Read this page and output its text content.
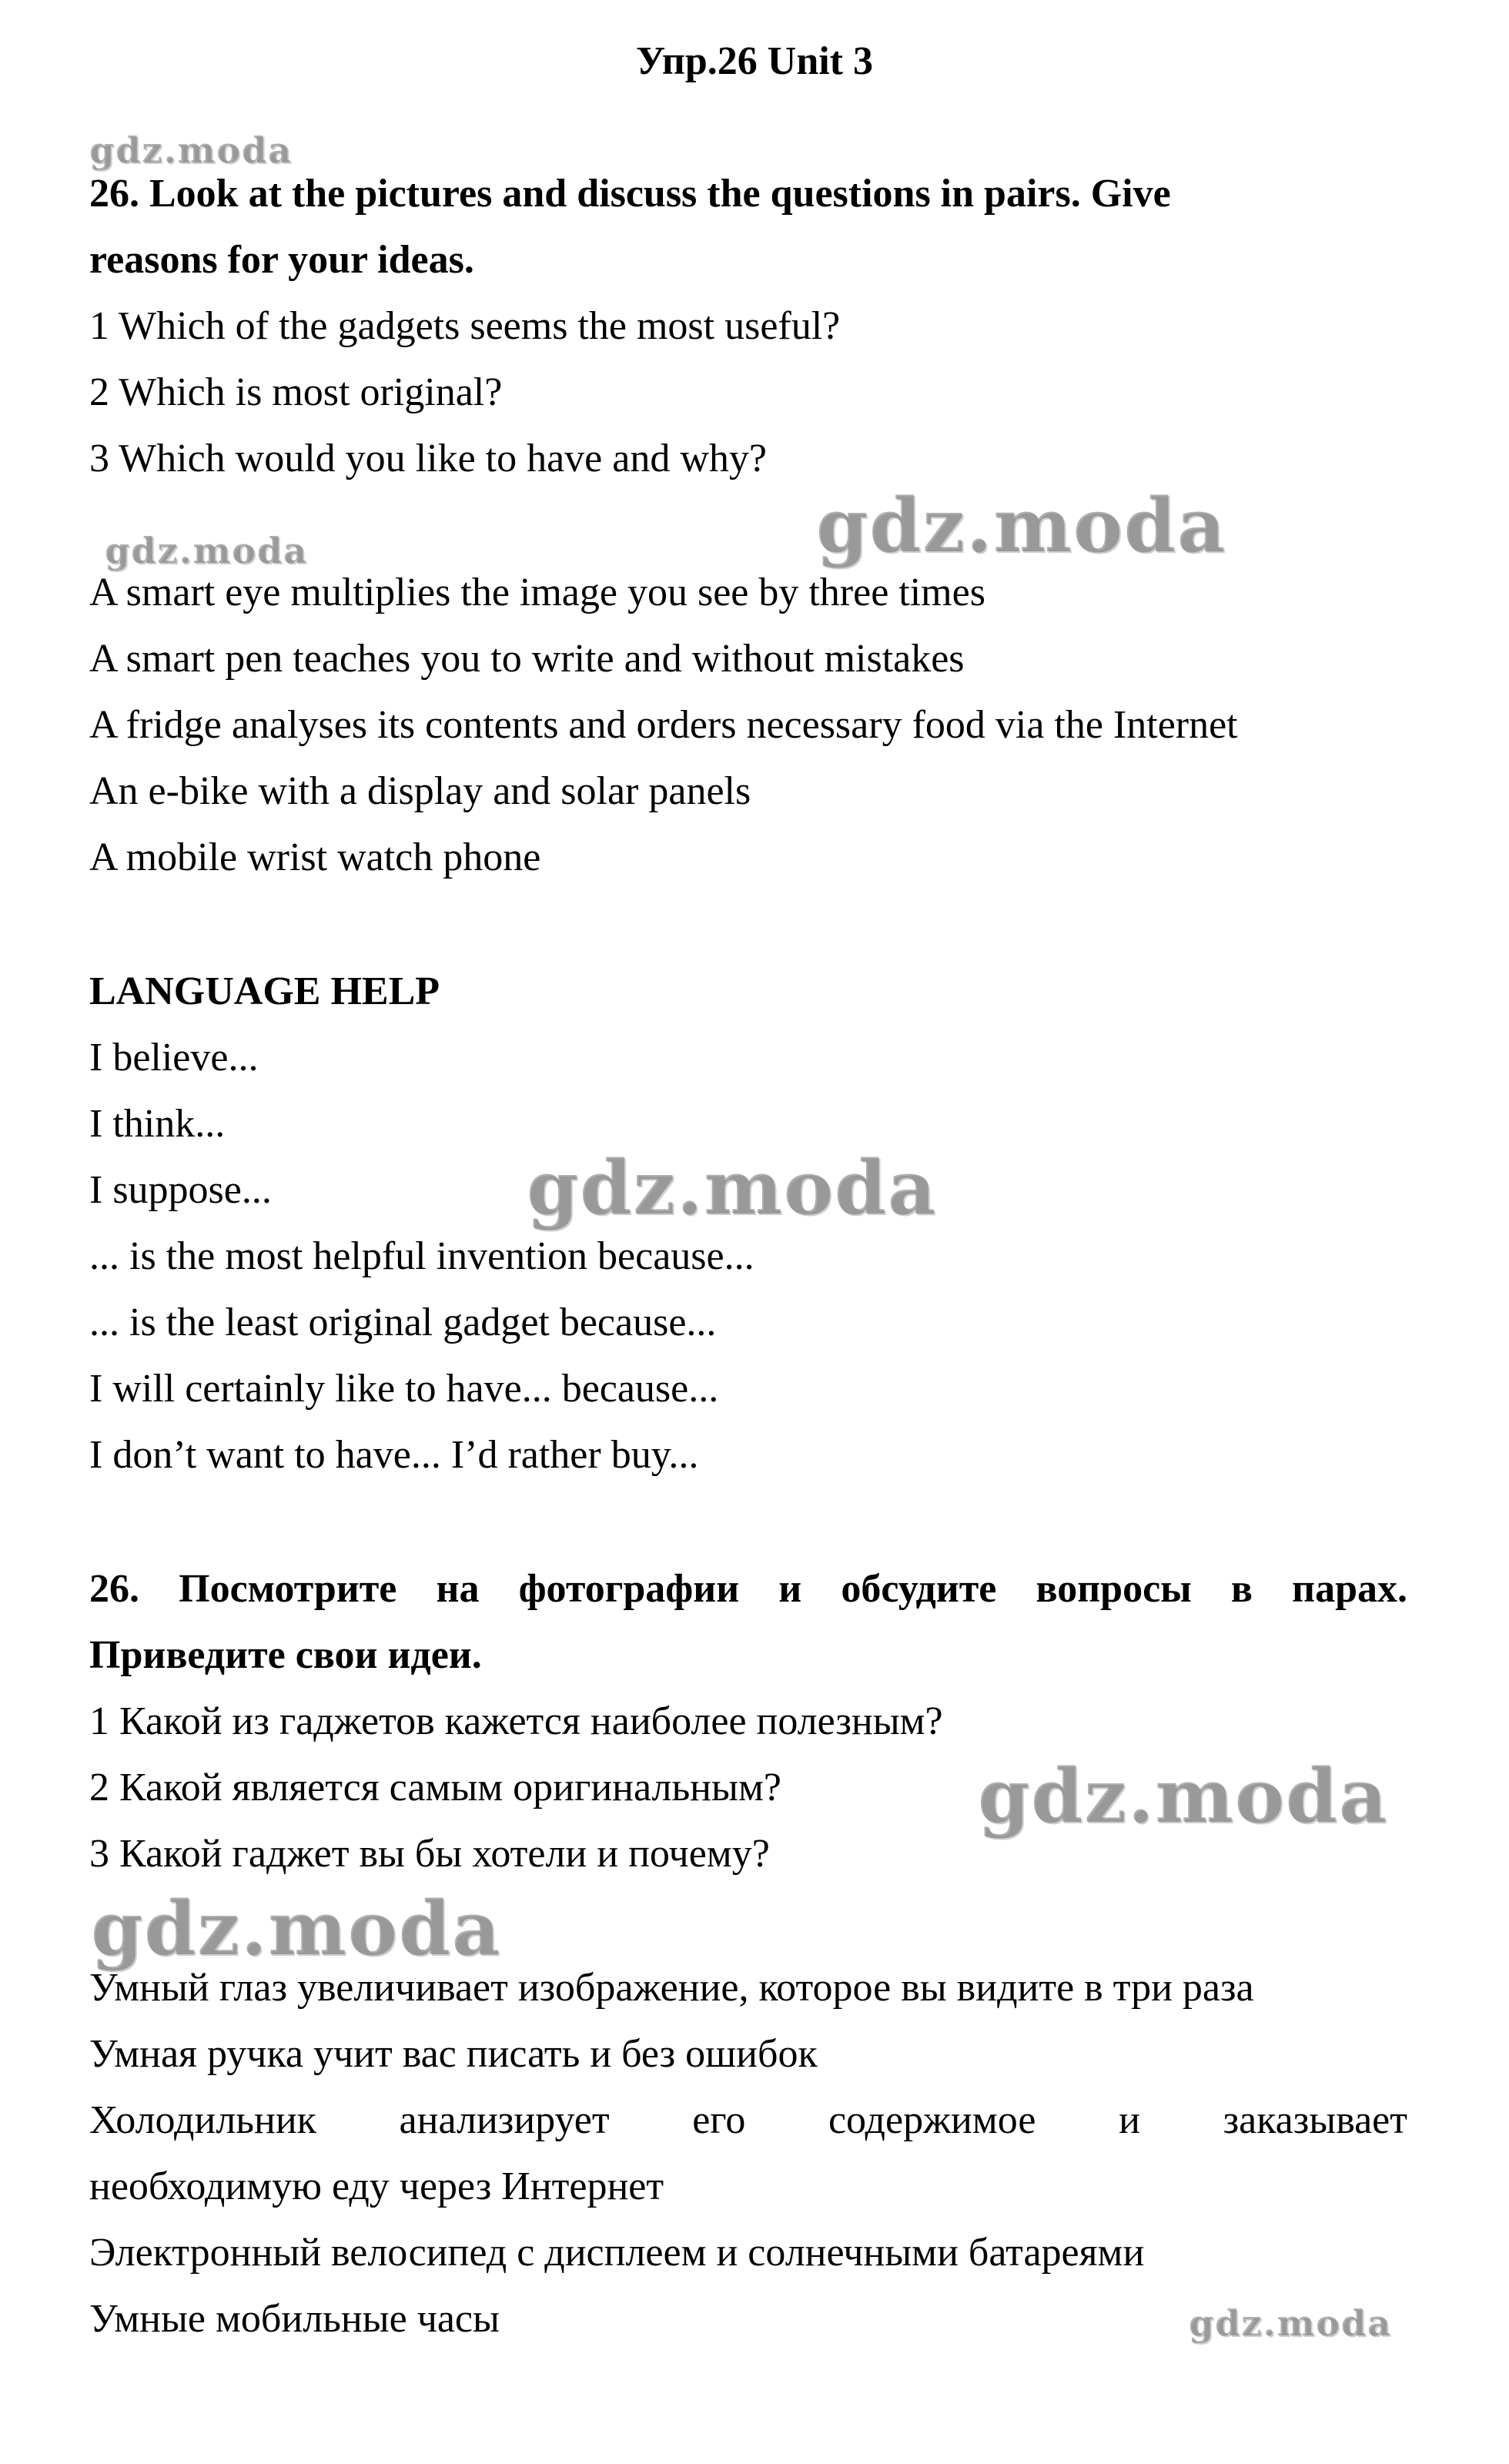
Упр.26 Unit 3
26. Look at the pictures and discuss the questions in pairs. Give
reasons for your ideas.
1 Which of the gadgets seems the most useful?
2 Which is most original?
3 Which would you like to have and why?
A smart eye multiplies the image you see by three times
A smart pen teaches you to write and without mistakes
A fridge analyses its contents and orders necessary food via the Internet
An e-bike with a display and solar panels
A mobile wrist watch phone
LANGUAGE HELP
I believe...
I think...
I suppose...
... is the most helpful invention because...
... is the least original gadget because...
I will certainly like to have... because...
I don’t want to have... I’d rather buy...
26. Посмотрите на фотографии и обсудите вопросы в парах.
Приведите свои идеи.
1 Какой из гаджетов кажется наиболее полезным?
2 Какой является самым оригинальным?
3 Какой гаджет вы бы хотели и почему?
Умный глаз увеличивает изображение, которое вы видите в три раза
Умная ручка учит вас писать и без ошибок
Холодильник анализирует его содержимое и заказывает
необходимую еду через Интернет
Электронный велосипед с дисплеем и солнечными батареями
Умные мобильные часы
gdz.moda
gdz.moda	gdz.moda
gdz.moda
gdz.moda
gdz.moda
gdz.moda
